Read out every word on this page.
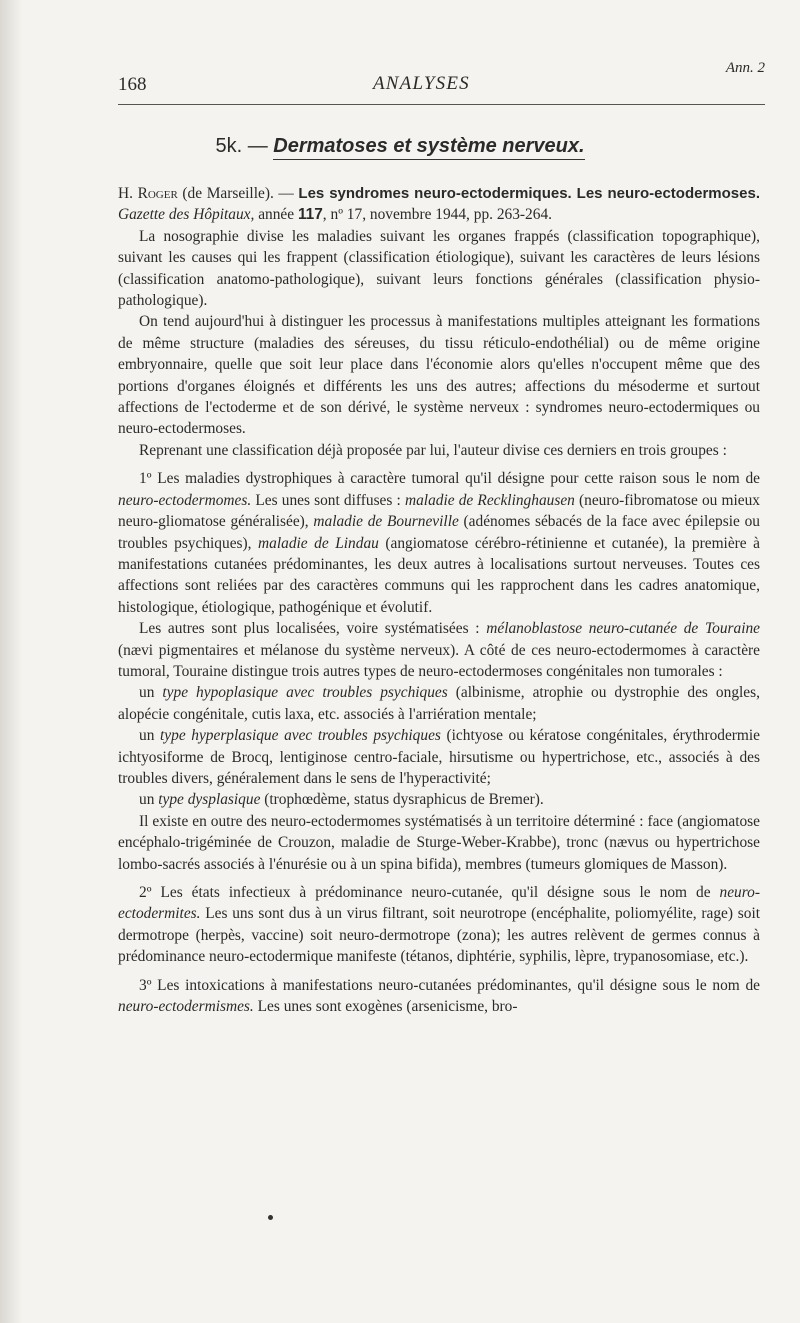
168	ANALYSES
Ann. 2
5k. — Dermatoses et système nerveux.

H. Roger (de Marseille). — Les syndromes neuro-ectodermiques. Les neuro-ectodermoses. Gazette des Hôpitaux, année 117, nº 17, novembre 1944, pp. 263-264.

La nosographie divise les maladies suivant les organes frappés (classification topographique), suivant les causes qui les frappent (classification étiologique), suivant les caractères de leurs lésions (classification anatomo-pathologique), suivant leurs fonctions générales (classification physio-pathologique).

On tend aujourd'hui à distinguer les processus à manifestations multiples atteignant les formations de même structure (maladies des séreuses, du tissu réticulo-endothélial) ou de même origine embryonnaire, quelle que soit leur place dans l'économie alors qu'elles n'occupent même que des portions d'organes éloignés et différents les uns des autres; affections du mésoderme et surtout affections de l'ectoderme et de son dérivé, le système nerveux : syndromes neuro-ectodermiques ou neuro-ectodermoses.

Reprenant une classification déjà proposée par lui, l'auteur divise ces derniers en trois groupes :

1º Les maladies dystrophiques à caractère tumoral qu'il désigne pour cette raison sous le nom de neuro-ectodermomes. Les unes sont diffuses : maladie de Recklinghausen (neuro-fibromatose ou mieux neuro-gliomatose généralisée), maladie de Bourneville (adénomes sébacés de la face avec épilepsie ou troubles psychiques), maladie de Lindau (angiomatose cérébro-rétinienne et cutanée), la première à manifestations cutanées prédominantes, les deux autres à localisations surtout nerveuses. Toutes ces affections sont reliées par des caractères communs qui les rapprochent dans les cadres anatomique, histologique, étiologique, pathogénique et évolutif.

Les autres sont plus localisées, voire systématisées : mélanoblastose neuro-cutanée de Touraine (nævi pigmentaires et mélanose du système nerveux). A côté de ces neuro-ectodermomes à caractère tumoral, Touraine distingue trois autres types de neuro-ectodermoses congénitales non tumorales :

un type hypoplasique avec troubles psychiques (albinisme, atrophie ou dystrophie des ongles, alopécie congénitale, cutis laxa, etc. associés à l'arriération mentale;

un type hyperplasique avec troubles psychiques (ichtyose ou kératose congénitales, érythrodermie ichtyosiforme de Brocq, lentiginose centro-faciale, hirsutisme ou hypertrichose, etc., associés à des troubles divers, généralement dans le sens de l'hyperactivité;

un type dysplasique (trophœdème, status dysraphicus de Bremer).

Il existe en outre des neuro-ectodermomes systématisés à un territoire déterminé : face (angiomatose encéphalo-trigéminée de Crouzon, maladie de Sturge-Weber-Krabbe), tronc (nævus ou hypertrichose lombo-sacrés associés à l'énurésie ou à un spina bifida), membres (tumeurs glomiques de Masson).

2º Les états infectieux à prédominance neuro-cutanée, qu'il désigne sous le nom de neuro-ectodermites. Les uns sont dus à un virus filtrant, soit neurotrope (encéphalite, poliomyélite, rage) soit dermotrope (herpès, vaccine) soit neuro-dermotrope (zona); les autres relèvent de germes connus à prédominance neuro-ectodermique manifeste (tétanos, diphtérie, syphilis, lèpre, trypanosomiase, etc.).

3º Les intoxications à manifestations neuro-cutanées prédominantes, qu'il désigne sous le nom de neuro-ectodermismes. Les unes sont exogènes (arsenicisme, bro-
